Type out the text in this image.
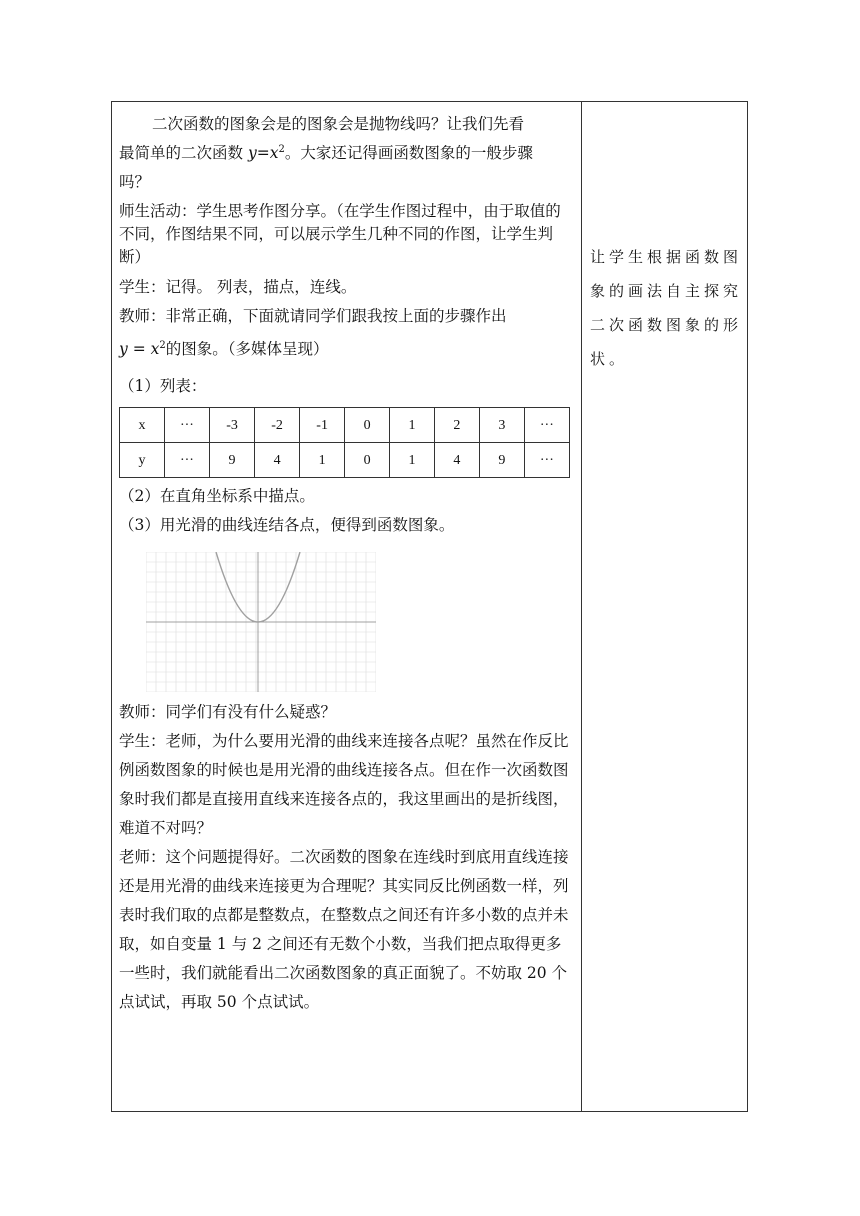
二次函数的图象会是的图象会是抛物线吗？让我们先看
最简单的二次函数 $y=x^2$。大家还记得画函数图象的一般步骤
吗？

师生活动：学生思考作图分享。（在学生作图过程中，由于取值的不同，作图结果不同，可以展示学生几种不同的作图，让学生判断）

学生：记得。 列表，描点，连线。

教师：非常正确，下面就请同学们跟我按上面的步骤作出

$y = x^2$的图象。（多媒体呈现）

（1）列表：

x	···	-3	-2	-1	0	1	2	3	···
y	···	9	4	1	0	1	4	9	···

（2）在直角坐标系中描点。

（3）用光滑的曲线连结各点，便得到函数图象。

教师：同学们有没有什么疑惑？

学生：老师，为什么要用光滑的曲线来连接各点呢？虽然在作反比例函数图象的时候也是用光滑的曲线连接各点。但在作一次函数图象时我们都是直接用直线来连接各点的，我这里画出的是折线图，难道不对吗？

老师：这个问题提得好。二次函数的图象在连线时到底用直线连接还是用光滑的曲线来连接更为合理呢？其实同反比例函数一样，列表时我们取的点都是整数点，在整数点之间还有许多小数的点并未取，如自变量 1 与 2 之间还有无数个小数，当我们把点取得更多一些时，我们就能看出二次函数图象的真正面貌了。不妨取 20 个点试试，再取 50 个点试试。

让学生根据函数图象的画法自主探究二次函数图象的形状。
